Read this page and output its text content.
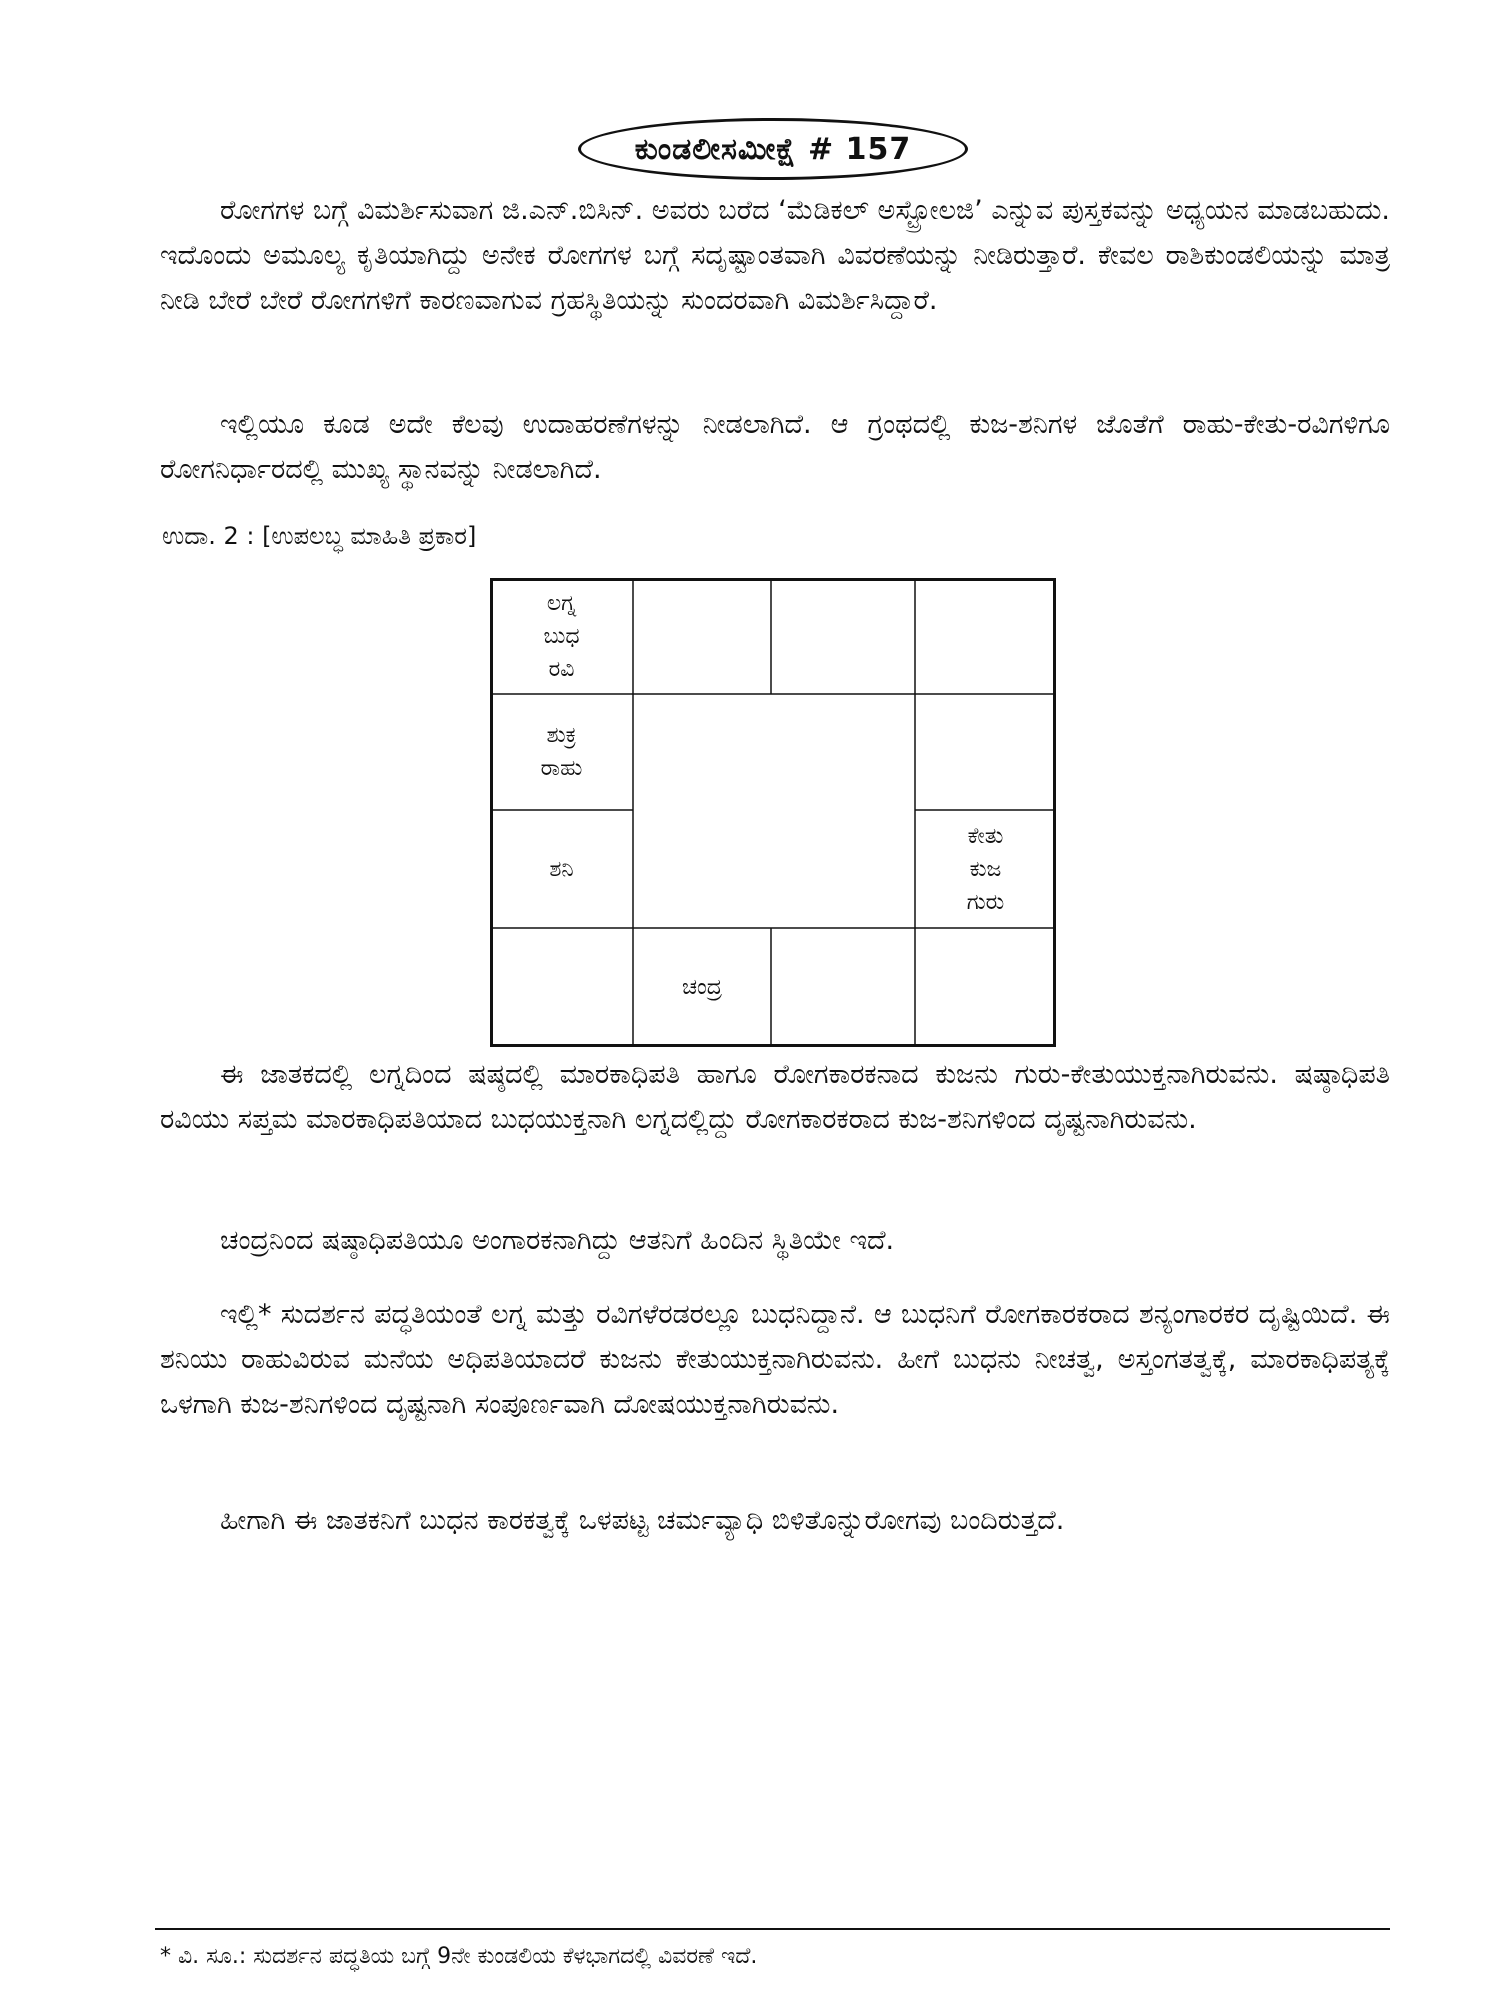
ಕುಂಡಲೀಸಮೀಕ್ಷೆ # 157

ರೋಗಗಳ ಬಗ್ಗೆ ವಿಮರ್ಶಿಸುವಾಗ ಜಿ.ಎನ್.ಬಿಸಿನ್. ಅವರು ಬರೆದ ‘ಮೆಡಿಕಲ್ ಅಸ್ಟ್ರೋಲಜಿ’ ಎನ್ನುವ ಪುಸ್ತಕವನ್ನು ಅಧ್ಯಯನ ಮಾಡಬಹುದು. ಇದೊಂದು ಅಮೂಲ್ಯ ಕೃತಿಯಾಗಿದ್ದು ಅನೇಕ ರೋಗಗಳ ಬಗ್ಗೆ ಸದೃಷ್ಟಾಂತವಾಗಿ ವಿವರಣೆಯನ್ನು ನೀಡಿರುತ್ತಾರೆ. ಕೇವಲ ರಾಶಿಕುಂಡಲಿಯನ್ನು ಮಾತ್ರ ನೀಡಿ ಬೇರೆ ಬೇರೆ ರೋಗಗಳಿಗೆ ಕಾರಣವಾಗುವ ಗ್ರಹಸ್ಥಿತಿಯನ್ನು ಸುಂದರವಾಗಿ ವಿಮರ್ಶಿಸಿದ್ದಾರೆ.

ಇಲ್ಲಿಯೂ ಕೂಡ ಅದೇ ಕೆಲವು ಉದಾಹರಣೆಗಳನ್ನು ನೀಡಲಾಗಿದೆ. ಆ ಗ್ರಂಥದಲ್ಲಿ ಕುಜ-ಶನಿಗಳ ಜೊತೆಗೆ ರಾಹು-ಕೇತು-ರವಿಗಳಿಗೂ ರೋಗನಿರ್ಧಾರದಲ್ಲಿ ಮುಖ್ಯ ಸ್ಥಾನವನ್ನು ನೀಡಲಾಗಿದೆ.

ಉದಾ. 2 : [ಉಪಲಬ್ಧ ಮಾಹಿತಿ ಪ್ರಕಾರ]
ಲಗ್ನ
ಬುಧ
ರವಿ
ಶುಕ್ರ
ರಾಹು
ಶನಿ
ಕೇತು
ಕುಜ
ಗುರು
ಚಂದ್ರ

ಈ ಜಾತಕದಲ್ಲಿ ಲಗ್ನದಿಂದ ಷಷ್ಠದಲ್ಲಿ ಮಾರಕಾಧಿಪತಿ ಹಾಗೂ ರೋಗಕಾರಕನಾದ ಕುಜನು ಗುರು-ಕೇತುಯುಕ್ತನಾಗಿರುವನು. ಷಷ್ಠಾಧಿಪತಿ ರವಿಯು ಸಪ್ತಮ ಮಾರಕಾಧಿಪತಿಯಾದ ಬುಧಯುಕ್ತನಾಗಿ ಲಗ್ನದಲ್ಲಿದ್ದು ರೋಗಕಾರಕರಾದ ಕುಜ-ಶನಿಗಳಿಂದ ದೃಷ್ಟನಾಗಿರುವನು.

ಚಂದ್ರನಿಂದ ಷಷ್ಠಾಧಿಪತಿಯೂ ಅಂಗಾರಕನಾಗಿದ್ದು ಆತನಿಗೆ ಹಿಂದಿನ ಸ್ಥಿತಿಯೇ ಇದೆ.

ಇಲ್ಲಿ* ಸುದರ್ಶನ ಪದ್ಧತಿಯಂತೆ ಲಗ್ನ ಮತ್ತು ರವಿಗಳೆರಡರಲ್ಲೂ ಬುಧನಿದ್ದಾನೆ. ಆ ಬುಧನಿಗೆ ರೋಗಕಾರಕರಾದ ಶನ್ಯಂಗಾರಕರ ದೃಷ್ಟಿಯಿದೆ. ಈ ಶನಿಯು ರಾಹುವಿರುವ ಮನೆಯ ಅಧಿಪತಿಯಾದರೆ ಕುಜನು ಕೇತುಯುಕ್ತನಾಗಿರುವನು. ಹೀಗೆ ಬುಧನು ನೀಚತ್ವ, ಅಸ್ತಂಗತತ್ವಕ್ಕೆ, ಮಾರಕಾಧಿಪತ್ಯಕ್ಕೆ ಒಳಗಾಗಿ ಕುಜ-ಶನಿಗಳಿಂದ ದೃಷ್ಟನಾಗಿ ಸಂಪೂರ್ಣವಾಗಿ ದೋಷಯುಕ್ತನಾಗಿರುವನು.

ಹೀಗಾಗಿ ಈ ಜಾತಕನಿಗೆ ಬುಧನ ಕಾರಕತ್ವಕ್ಕೆ ಒಳಪಟ್ಟ ಚರ್ಮವ್ಯಾಧಿ ಬಿಳಿತೊನ್ನುರೋಗವು ಬಂದಿರುತ್ತದೆ.

* ವಿ. ಸೂ.: ಸುದರ್ಶನ ಪದ್ಧತಿಯ ಬಗ್ಗೆ 9ನೇ ಕುಂಡಲಿಯ ಕೆಳಭಾಗದಲ್ಲಿ ವಿವರಣೆ ಇದೆ.
